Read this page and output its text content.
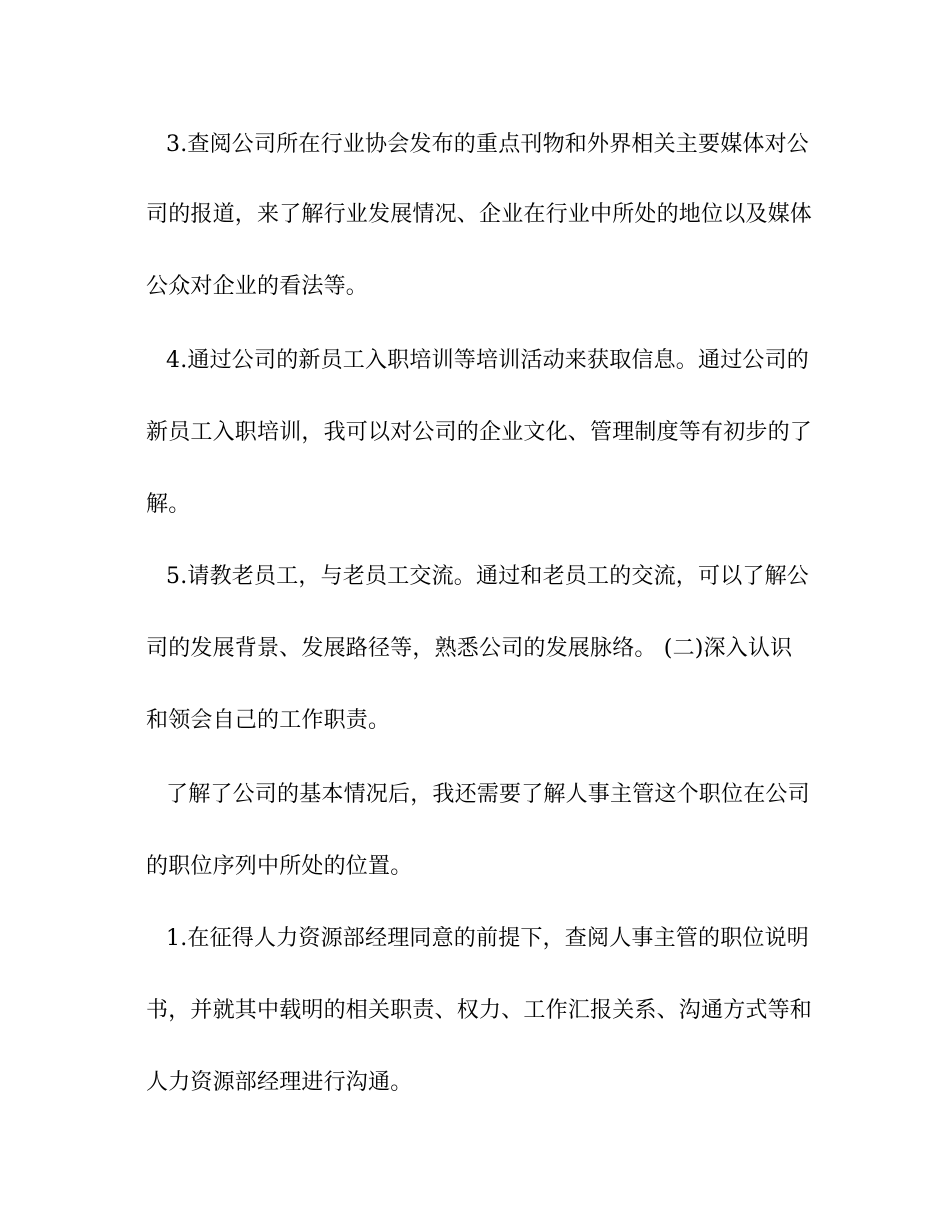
3.查阅公司所在行业协会发布的重点刊物和外界相关主要媒体对公
司的报道，来了解行业发展情况、企业在行业中所处的地位以及媒体
公众对企业的看法等。
4.通过公司的新员工入职培训等培训活动来获取信息。通过公司的
新员工入职培训，我可以对公司的企业文化、管理制度等有初步的了
解。
5.请教老员工，与老员工交流。通过和老员工的交流，可以了解公
司的发展背景、发展路径等，熟悉公司的发展脉络。 (二)深入认识
和领会自己的工作职责。
了解了公司的基本情况后，我还需要了解人事主管这个职位在公司
的职位序列中所处的位置。
1.在征得人力资源部经理同意的前提下，查阅人事主管的职位说明
书，并就其中载明的相关职责、权力、工作汇报关系、沟通方式等和
人力资源部经理进行沟通。
